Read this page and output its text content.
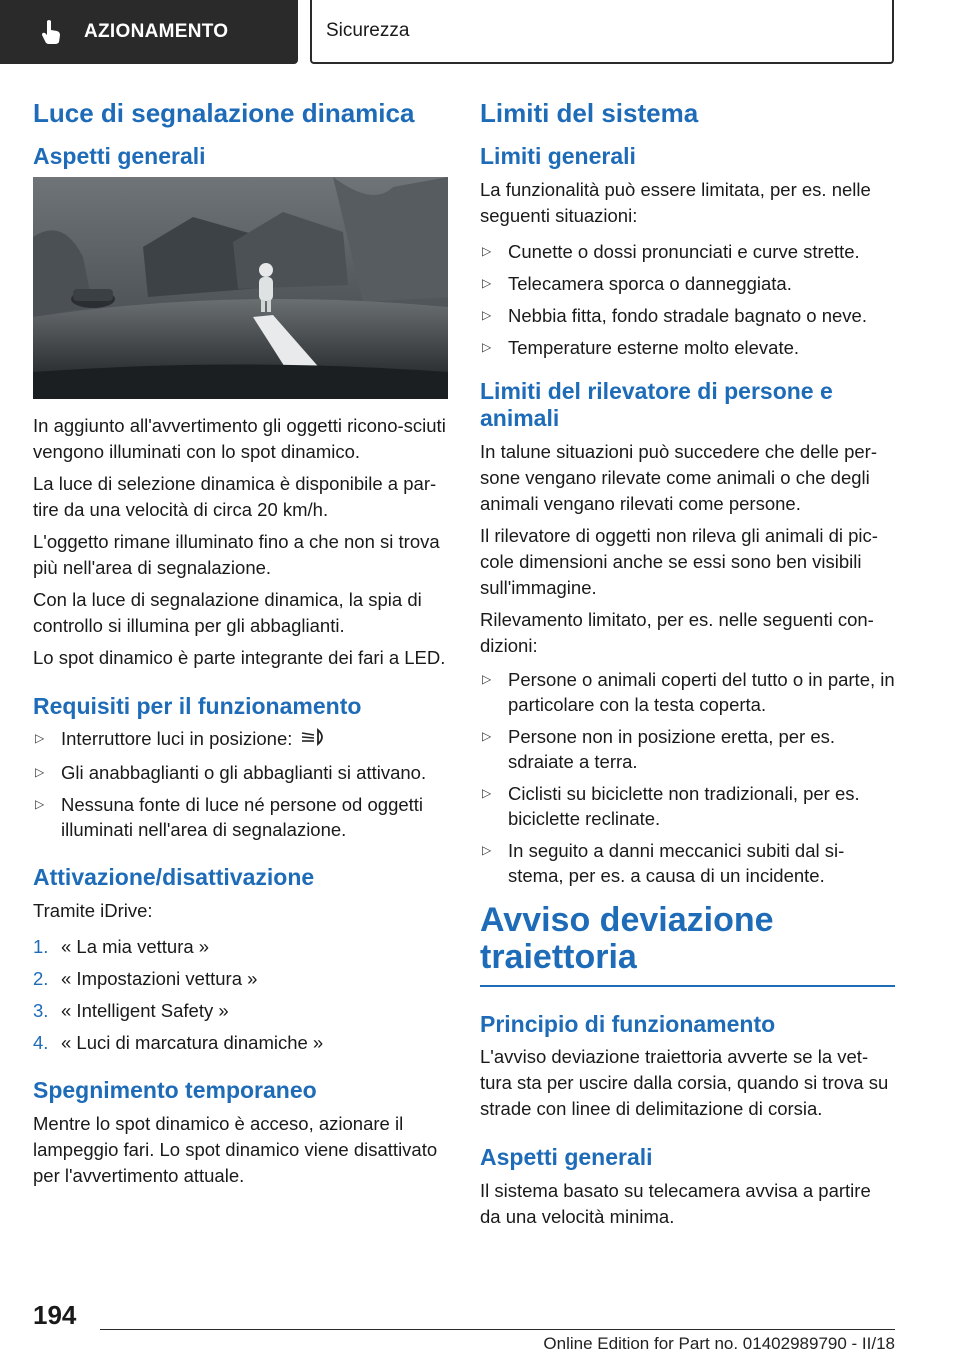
AZIONAMENTO	Sicurezza
Luce di segnalazione dinamica
Aspetti generali

In aggiunto all'avvertimento gli oggetti ricono-sciuti vengono illuminati con lo spot dinamico.

La luce di selezione dinamica è disponibile a par-tire da una velocità di circa 20 km/h.

L'oggetto rimane illuminato fino a che non si trova più nell'area di segnalazione.

Con la luce di segnalazione dinamica, la spia di controllo si illumina per gli abbaglianti.

Lo spot dinamico è parte integrante dei fari a LED.

Requisiti per il funzionamento
▷ Interruttore luci in posizione:
▷ Gli anabbaglianti o gli abbaglianti si attivano.
▷ Nessuna fonte di luce né persone od oggetti illuminati nell'area di segnalazione.
Attivazione/disattivazione

Tramite iDrive:

1. « La mia vettura »
2. « Impostazioni vettura »
3. « Intelligent Safety »
4. « Luci di marcatura dinamiche »
Spegnimento temporaneo

Mentre lo spot dinamico è acceso, azionare il lampeggio fari. Lo spot dinamico viene disattivato per l'avvertimento attuale.

Limiti del sistema
Limiti generali

La funzionalità può essere limitata, per es. nelle seguenti situazioni:

▷ Cunette o dossi pronunciati e curve strette.
▷ Telecamera sporca o danneggiata.
▷ Nebbia fitta, fondo stradale bagnato o neve.
▷ Temperature esterne molto elevate.
Limiti del rilevatore di persone e animali

In talune situazioni può succedere che delle per-sone vengano rilevate come animali o che degli animali vengano rilevati come persone.

Il rilevatore di oggetti non rileva gli animali di pic-cole dimensioni anche se essi sono ben visibili sull'immagine.

Rilevamento limitato, per es. nelle seguenti con-dizioni:

▷ Persone o animali coperti del tutto o in parte, in particolare con la testa coperta.
▷ Persone non in posizione eretta, per es. sdraiate a terra.
▷ Ciclisti su biciclette non tradizionali, per es. biciclette reclinate.
▷ In seguito a danni meccanici subiti dal si-stema, per es. a causa di un incidente.
Avviso deviazione traiettoria
Principio di funzionamento

L'avviso deviazione traiettoria avverte se la vet-tura sta per uscire dalla corsia, quando si trova su strade con linee di delimitazione di corsia.

Aspetti generali

Il sistema basato su telecamera avvisa a partire da una velocità minima.

194
Online Edition for Part no. 01402989790 - II/18
